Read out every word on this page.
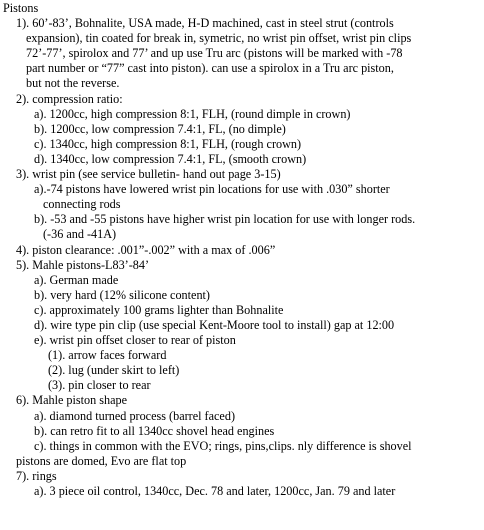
Pistons
1). 60’-83’, Bohnalite, USA made, H-D machined, cast in steel strut (controls
expansion), tin coated for break in, symetric, no wrist pin offset, wrist pin clips
72’-77’, spirolox and 77’ and up use Tru arc (pistons will be marked with -78
part number or “77” cast into piston). can use a spirolox in a Tru arc piston,
but not the reverse.
2). compression ratio:
a). 1200cc, high compression 8:1, FLH, (round dimple in crown)
b). 1200cc, low compression 7.4:1, FL, (no dimple)
c). 1340cc, high compression 8:1, FLH, (rough crown)
d). 1340cc, low compression 7.4:1, FL, (smooth crown)
3). wrist pin (see service bulletin- hand out page 3-15)
a).-74 pistons have lowered wrist pin locations for use with .030” shorter
connecting rods
b). -53 and -55 pistons have higher wrist pin location for use with longer rods.
(-36 and -41A)
4). piston clearance: .001”-.002” with a max of .006”
5). Mahle pistons-L83’-84’
a). German made
b). very hard (12% silicone content)
c). approximately 100 grams lighter than Bohnalite
d). wire type pin clip (use special Kent-Moore tool to install) gap at 12:00
e). wrist pin offset closer to rear of piston
(1). arrow faces forward
(2). lug (under skirt to left)
(3). pin closer to rear
6). Mahle piston shape
a). diamond turned process (barrel faced)
b). can retro fit to all 1340cc shovel head engines
c). things in common with the EVO; rings, pins,clips. nly difference is shovel
pistons are domed, Evo are flat top
7). rings
a). 3 piece oil control, 1340cc, Dec. 78 and later, 1200cc, Jan. 79 and later
